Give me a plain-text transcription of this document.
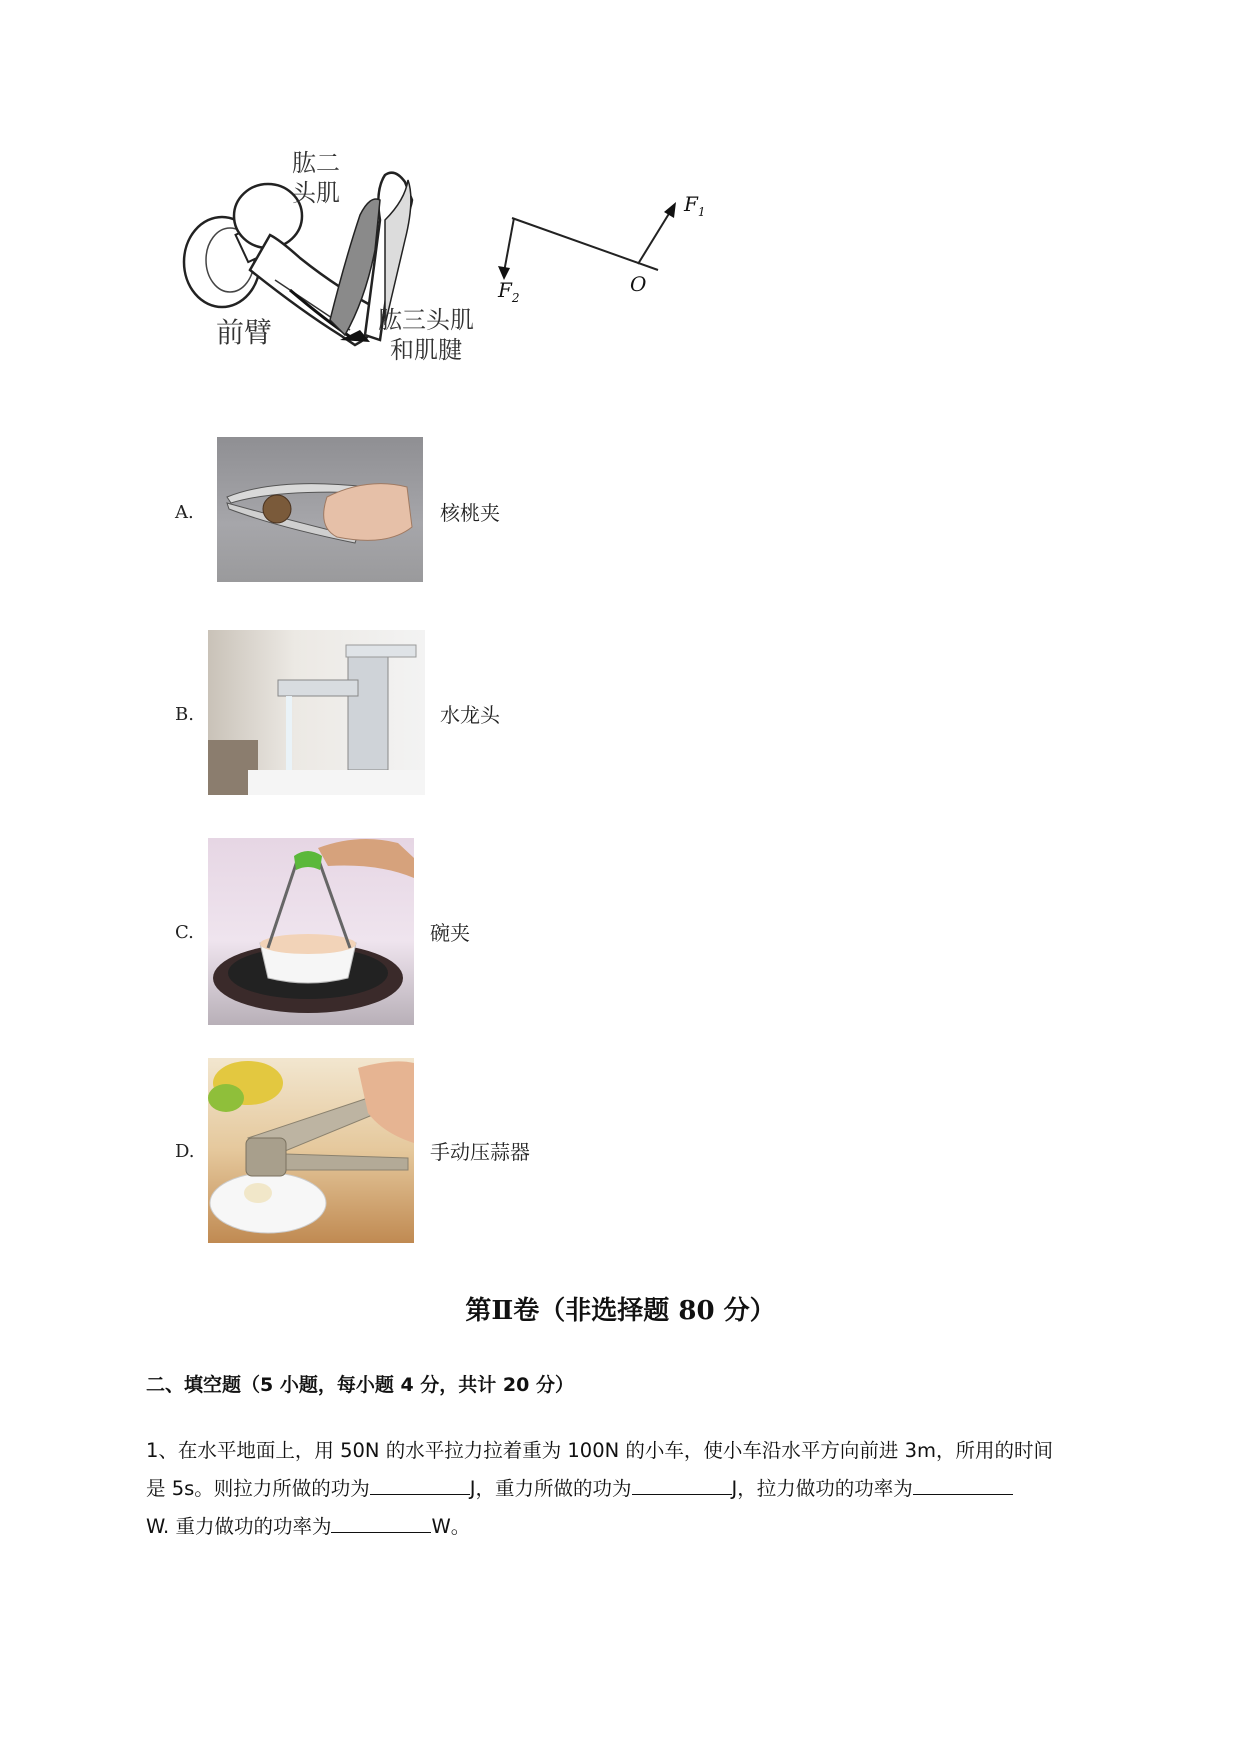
肱二
头肌
前臂	肱三头肌
和肌腱
$F_1$
$F_2$
O
A.	核桃夹
B.	水龙头
C.	碗夹
D.	手动压蒜器
第Ⅱ卷（非选择题 80 分）
二、填空题（5 小题，每小题 4 分，共计 20 分）
1、在水平地面上，用 50N 的水平拉力拉着重为 100N 的小车，使小车沿水平方向前进 3m，所用的时间
是 5s。则拉力所做的功为	J，重力所做的功为	J，拉力做功的功率为
W. 重力做功的功率为	W。
